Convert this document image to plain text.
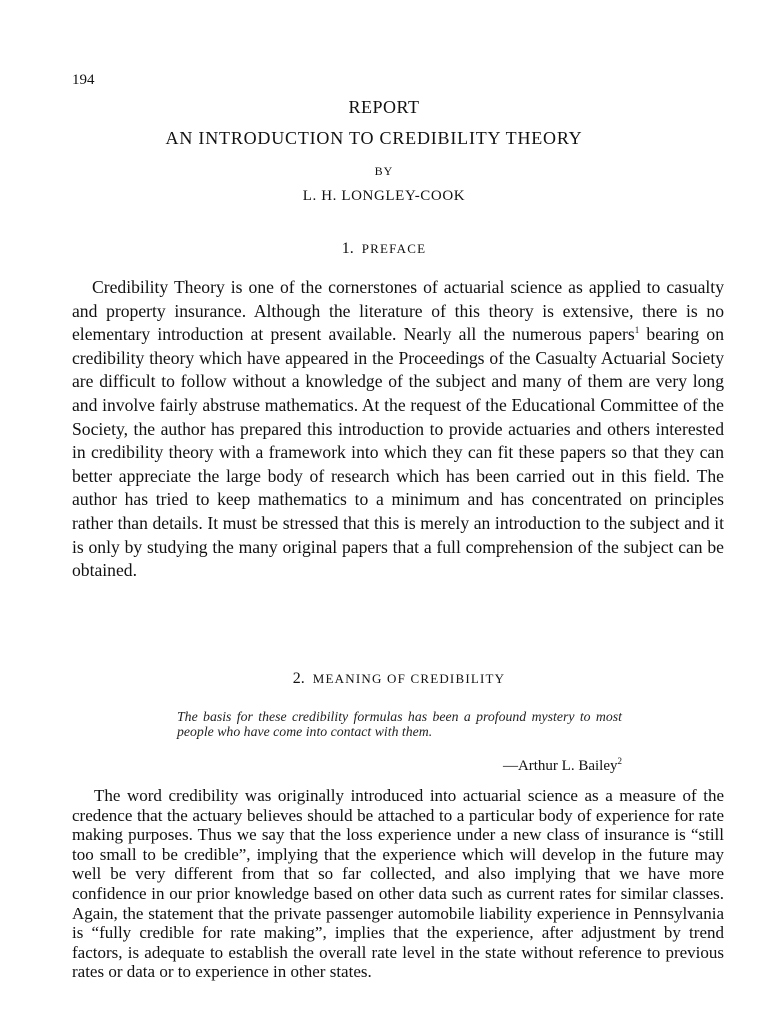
194
REPORT
AN INTRODUCTION TO CREDIBILITY THEORY
BY
L. H. LONGLEY-COOK
1. PREFACE
Credibility Theory is one of the cornerstones of actuarial science as applied to casualty and property insurance. Although the literature of this theory is extensive, there is no elementary introduction at present available. Nearly all the numerous papers$^1$ bearing on credibility theory which have appeared in the Proceedings of the Casualty Actuarial Society are difficult to follow without a knowledge of the subject and many of them are very long and involve fairly abstruse mathematics. At the request of the Educational Committee of the Society, the author has prepared this introduction to provide actuaries and others interested in credibility theory with a framework into which they can fit these papers so that they can better appreciate the large body of research which has been carried out in this field. The author has tried to keep mathematics to a minimum and has concentrated on principles rather than details. It must be stressed that this is merely an introduction to the subject and it is only by studying the many original papers that a full comprehension of the subject can be obtained.
2. MEANING OF CREDIBILITY
The basis for these credibility formulas has been a profound mystery to most people who have come into contact with them.
—Arthur L. Bailey$^2$
The word credibility was originally introduced into actuarial science as a measure of the credence that the actuary believes should be attached to a particular body of experience for rate making purposes. Thus we say that the loss experience under a new class of insurance is “still too small to be credible”, implying that the experience which will develop in the future may well be very different from that so far collected, and also implying that we have more confidence in our prior knowledge based on other data such as current rates for similar classes. Again, the statement that the private passenger automobile liability experience in Pennsylvania is “fully credible for rate making”, implies that the experience, after adjustment by trend factors, is adequate to establish the overall rate level in the state without reference to previous rates or data or to experience in other states.
